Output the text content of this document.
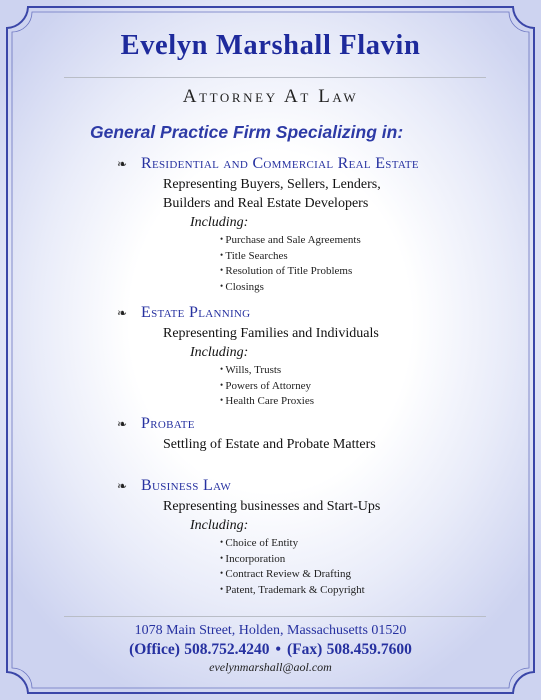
Evelyn Marshall Flavin
Attorney At Law
General Practice Firm Specializing in:
❧ Residential and Commercial Real Estate
Representing Buyers, Sellers, Lenders,
Builders and Real Estate Developers
Including:
• Purchase and Sale Agreements
• Title Searches
• Resolution of Title Problems
• Closings
❧ Estate Planning
Representing Families and Individuals
Including:
• Wills, Trusts
• Powers of Attorney
• Health Care Proxies
❧ Probate
Settling of Estate and Probate Matters
❧ Business Law
Representing businesses and Start-Ups
Including:
• Choice of Entity
• Incorporation
• Contract Review & Drafting
• Patent, Trademark & Copyright
1078 Main Street, Holden, Massachusetts 01520
(Office) 508.752.4240 • (Fax) 508.459.7600
evelynmarshall@aol.com
